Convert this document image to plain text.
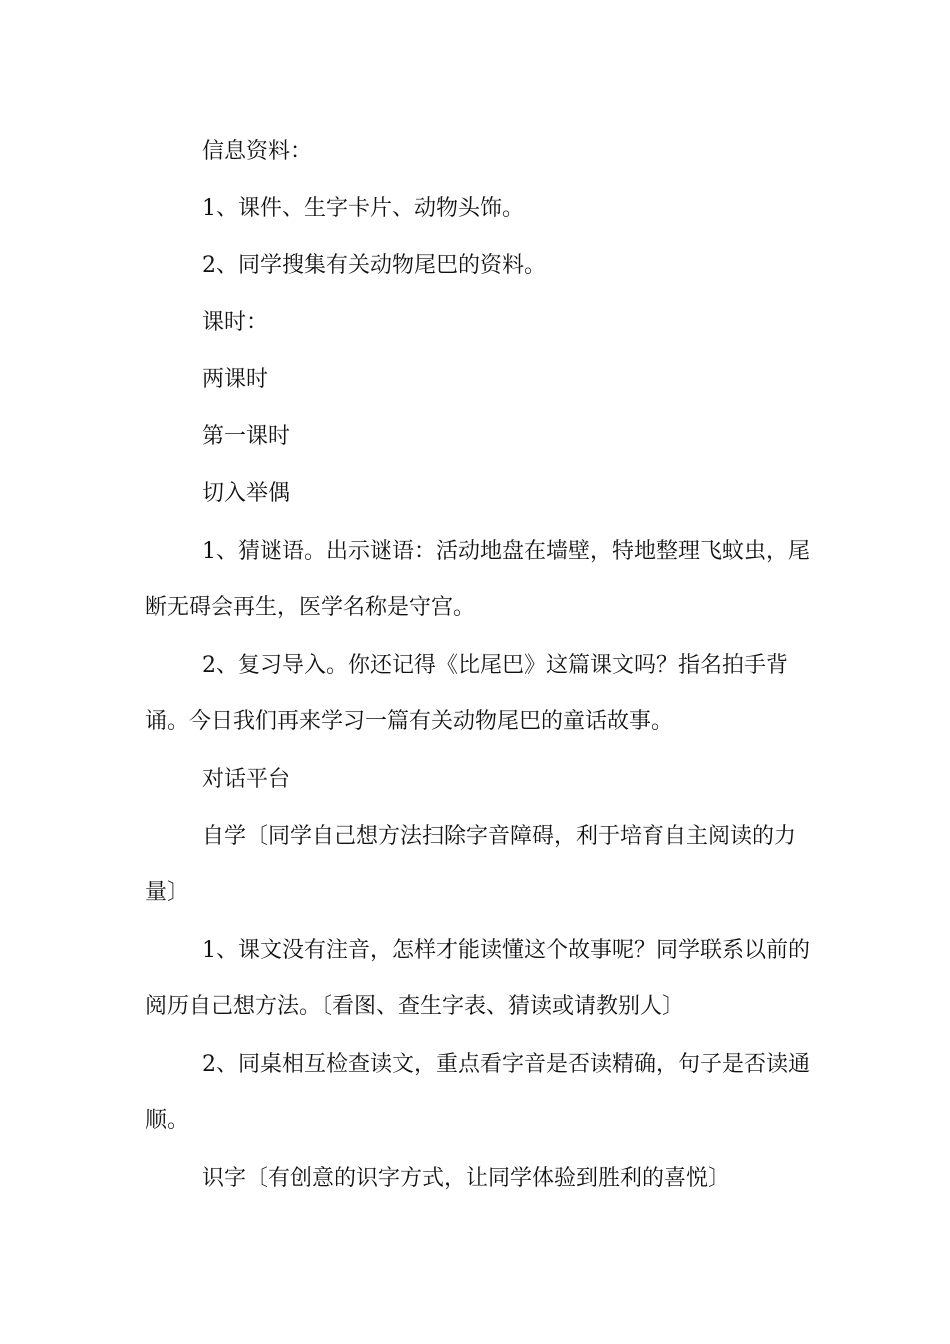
信息资料：

1、课件、生字卡片、动物头饰。

2、同学搜集有关动物尾巴的资料。

课时：

两课时

第一课时

切入举偶

1、猜谜语。出示谜语：活动地盘在墙壁，特地整理飞蚊虫，尾断无碍会再生，医学名称是守宫。

2、复习导入。你还记得《比尾巴》这篇课文吗？指名拍手背诵。今日我们再来学习一篇有关动物尾巴的童话故事。

对话平台

自学〔同学自己想方法扫除字音障碍，利于培育自主阅读的力量〕

1、课文没有注音，怎样才能读懂这个故事呢？同学联系以前的阅历自己想方法。〔看图、查生字表、猜读或请教别人〕

2、同桌相互检查读文，重点看字音是否读精确，句子是否读通顺。

识字〔有创意的识字方式，让同学体验到胜利的喜悦〕
